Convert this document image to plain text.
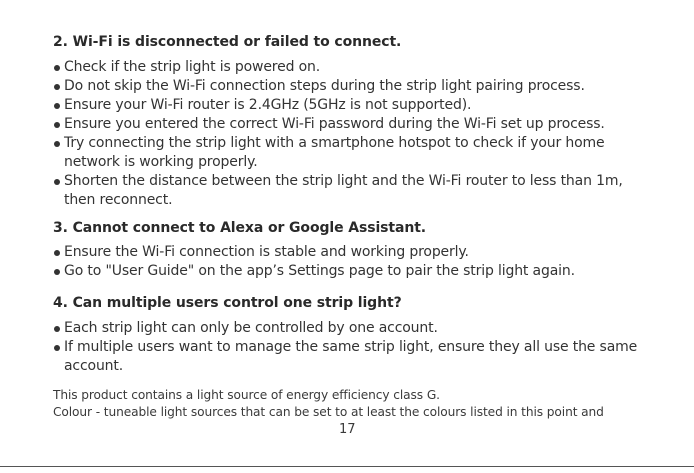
2. Wi-Fi is disconnected or failed to connect.
Check if the strip light is powered on.
Do not skip the Wi-Fi connection steps during the strip light pairing process.
Ensure your Wi-Fi router is 2.4GHz (5GHz is not supported).
Ensure you entered the correct Wi-Fi password during the Wi-Fi set up process.
Try connecting the strip light with a smartphone hotspot to check if your home network is working properly.
Shorten the distance between the strip light and the Wi-Fi router to less than 1m, then reconnect.
3. Cannot connect to Alexa or Google Assistant.
Ensure the Wi-Fi connection is stable and working properly.
Go to "User Guide" on the app’s Settings page to pair the strip light again.
4. Can multiple users control one strip light?
Each strip light can only be controlled by one account.
If multiple users want to manage the same strip light, ensure they all use the same account.
This product contains a light source of energy efficiency class G.
Colour - tuneable light sources that can be set to at least the colours listed in this point and
17
